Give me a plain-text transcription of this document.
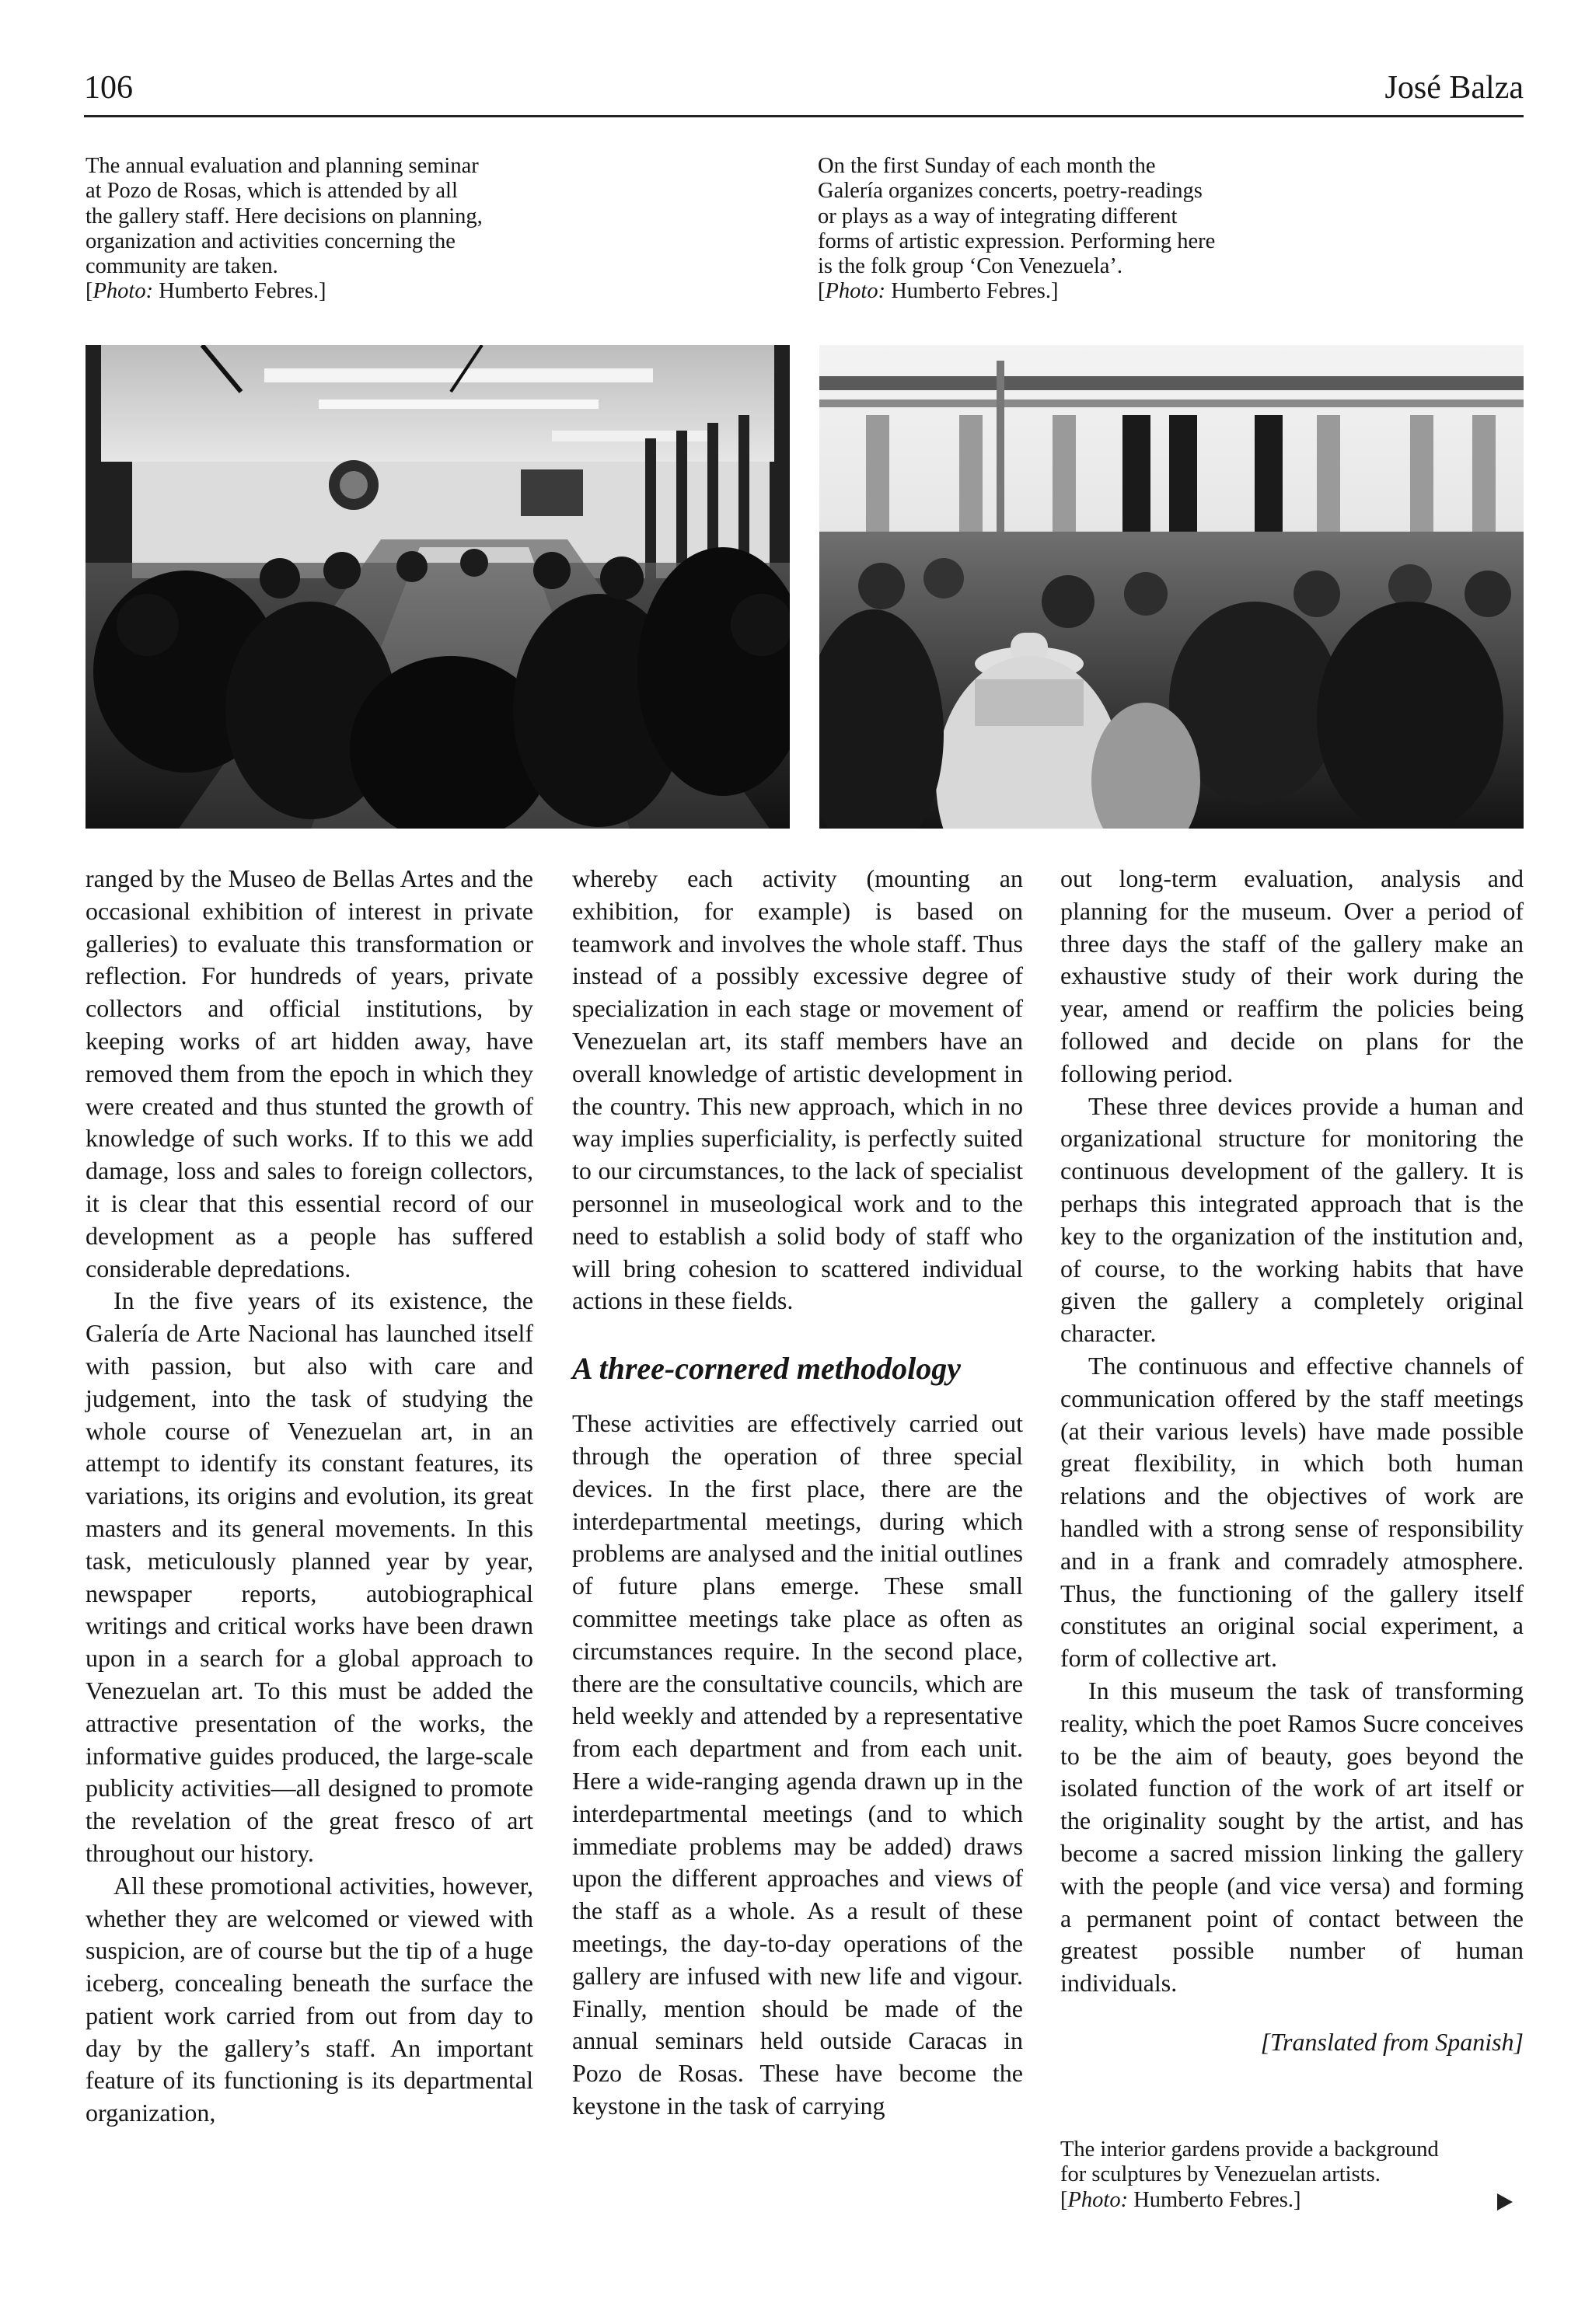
106	José Balza
The annual evaluation and planning seminar
at Pozo de Rosas, which is attended by all
the gallery staff. Here decisions on planning,
organization and activities concerning the
community are taken.
[Photo: Humberto Febres.]
On the first Sunday of each month the
Galería organizes concerts, poetry-readings
or plays as a way of integrating different
forms of artistic expression. Performing here
is the folk group ‘Con Venezuela’.
[Photo: Humberto Febres.]

ranged by the Museo de Bellas Artes and the occasional exhibition of interest in private galleries) to evaluate this transformation or reflection. For hundreds of years, private collectors and official institutions, by keeping works of art hidden away, have removed them from the epoch in which they were created and thus stunted the growth of knowledge of such works. If to this we add damage, loss and sales to foreign collectors, it is clear that this essential record of our development as a people has suffered considerable depredations.

In the five years of its existence, the Galería de Arte Nacional has launched itself with passion, but also with care and judgement, into the task of studying the whole course of Venezuelan art, in an attempt to identify its constant features, its variations, its origins and evolution, its great masters and its general movements. In this task, meticulously planned year by year, newspaper reports, autobiographical writings and critical works have been drawn upon in a search for a global approach to Venezuelan art. To this must be added the attractive presentation of the works, the informative guides produced, the large-scale publicity activities—all designed to promote the revelation of the great fresco of art throughout our history.

All these promotional activities, however, whether they are welcomed or viewed with suspicion, are of course but the tip of a huge iceberg, concealing beneath the surface the patient work carried from out from day to day by the gallery’s staff. An important feature of its functioning is its departmental organization,

whereby each activity (mounting an exhibition, for example) is based on teamwork and involves the whole staff. Thus instead of a possibly excessive degree of specialization in each stage or movement of Venezuelan art, its staff members have an overall knowledge of artistic development in the country. This new approach, which in no way implies superficiality, is perfectly suited to our circumstances, to the lack of specialist personnel in museological work and to the need to establish a solid body of staff who will bring cohesion to scattered individual actions in these fields.

A three-cornered methodology

These activities are effectively carried out through the operation of three special devices. In the first place, there are the interdepartmental meetings, during which problems are analysed and the initial outlines of future plans emerge. These small committee meetings take place as often as circumstances require. In the second place, there are the consultative councils, which are held weekly and attended by a representative from each department and from each unit. Here a wide-ranging agenda drawn up in the interdepartmental meetings (and to which immediate problems may be added) draws upon the different approaches and views of the staff as a whole. As a result of these meetings, the day-to-day operations of the gallery are infused with new life and vigour. Finally, mention should be made of the annual seminars held outside Caracas in Pozo de Rosas. These have become the keystone in the task of carrying

out long-term evaluation, analysis and planning for the museum. Over a period of three days the staff of the gallery make an exhaustive study of their work during the year, amend or reaffirm the policies being followed and decide on plans for the following period.

These three devices provide a human and organizational structure for monitoring the continuous development of the gallery. It is perhaps this integrated approach that is the key to the organization of the institution and, of course, to the working habits that have given the gallery a completely original character.

The continuous and effective channels of communication offered by the staff meetings (at their various levels) have made possible great flexibility, in which both human relations and the objectives of work are handled with a strong sense of responsibility and in a frank and comradely atmosphere. Thus, the functioning of the gallery itself constitutes an original social experiment, a form of collective art.

In this museum the task of transforming reality, which the poet Ramos Sucre conceives to be the aim of beauty, goes beyond the isolated function of the work of art itself or the originality sought by the artist, and has become a sacred mission linking the gallery with the people (and vice versa) and forming a permanent point of contact between the greatest possible number of human individuals.

[Translated from Spanish]
The interior gardens provide a background
for sculptures by Venezuelan artists.
[Photo: Humberto Febres.]
